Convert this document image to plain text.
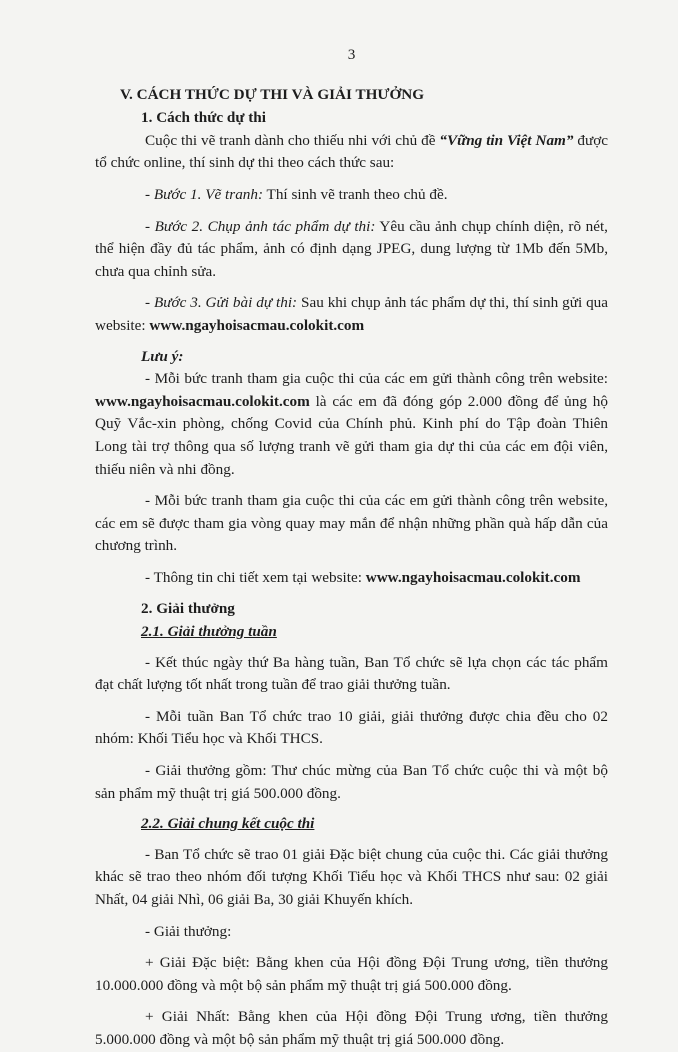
3
V. CÁCH THỨC DỰ THI VÀ GIẢI THƯỞNG
1. Cách thức dự thi
Cuộc thi vẽ tranh dành cho thiếu nhi với chủ đề “Vững tin Việt Nam” được tổ chức online, thí sinh dự thi theo cách thức sau:
- Bước 1. Vẽ tranh: Thí sinh vẽ tranh theo chủ đề.
- Bước 2. Chụp ảnh tác phẩm dự thi: Yêu cầu ảnh chụp chính diện, rõ nét, thể hiện đầy đủ tác phẩm, ảnh có định dạng JPEG, dung lượng từ 1Mb đến 5Mb, chưa qua chỉnh sửa.
- Bước 3. Gửi bài dự thi: Sau khi chụp ảnh tác phẩm dự thi, thí sinh gửi qua website: www.ngayhoisacmau.colokit.com
Lưu ý:
- Mỗi bức tranh tham gia cuộc thi của các em gửi thành công trên website: www.ngayhoisacmau.colokit.com là các em đã đóng góp 2.000 đồng để ủng hộ Quỹ Vắc-xin phòng, chống Covid của Chính phủ. Kinh phí do Tập đoàn Thiên Long tài trợ thông qua số lượng tranh vẽ gửi tham gia dự thi của các em đội viên, thiếu niên và nhi đồng.
- Mỗi bức tranh tham gia cuộc thi của các em gửi thành công trên website, các em sẽ được tham gia vòng quay may mắn để nhận những phần quà hấp dẫn của chương trình.
- Thông tin chi tiết xem tại website: www.ngayhoisacmau.colokit.com
2. Giải thưởng
2.1. Giải thưởng tuần
- Kết thúc ngày thứ Ba hàng tuần, Ban Tổ chức sẽ lựa chọn các tác phẩm đạt chất lượng tốt nhất trong tuần để trao giải thưởng tuần.
- Mỗi tuần Ban Tổ chức trao 10 giải, giải thưởng được chia đều cho 02 nhóm: Khối Tiểu học và Khối THCS.
- Giải thưởng gồm: Thư chúc mừng của Ban Tổ chức cuộc thi và một bộ sản phẩm mỹ thuật trị giá 500.000 đồng.
2.2. Giải chung kết cuộc thi
- Ban Tổ chức sẽ trao 01 giải Đặc biệt chung của cuộc thi. Các giải thưởng khác sẽ trao theo nhóm đối tượng Khối Tiểu học và Khối THCS như sau: 02 giải Nhất, 04 giải Nhì, 06 giải Ba, 30 giải Khuyến khích.
- Giải thưởng:
+ Giải Đặc biệt: Bằng khen của Hội đồng Đội Trung ương, tiền thưởng 10.000.000 đồng và một bộ sản phẩm mỹ thuật trị giá 500.000 đồng.
+ Giải Nhất: Bằng khen của Hội đồng Đội Trung ương, tiền thưởng 5.000.000 đồng và một bộ sản phẩm mỹ thuật trị giá 500.000 đồng.
